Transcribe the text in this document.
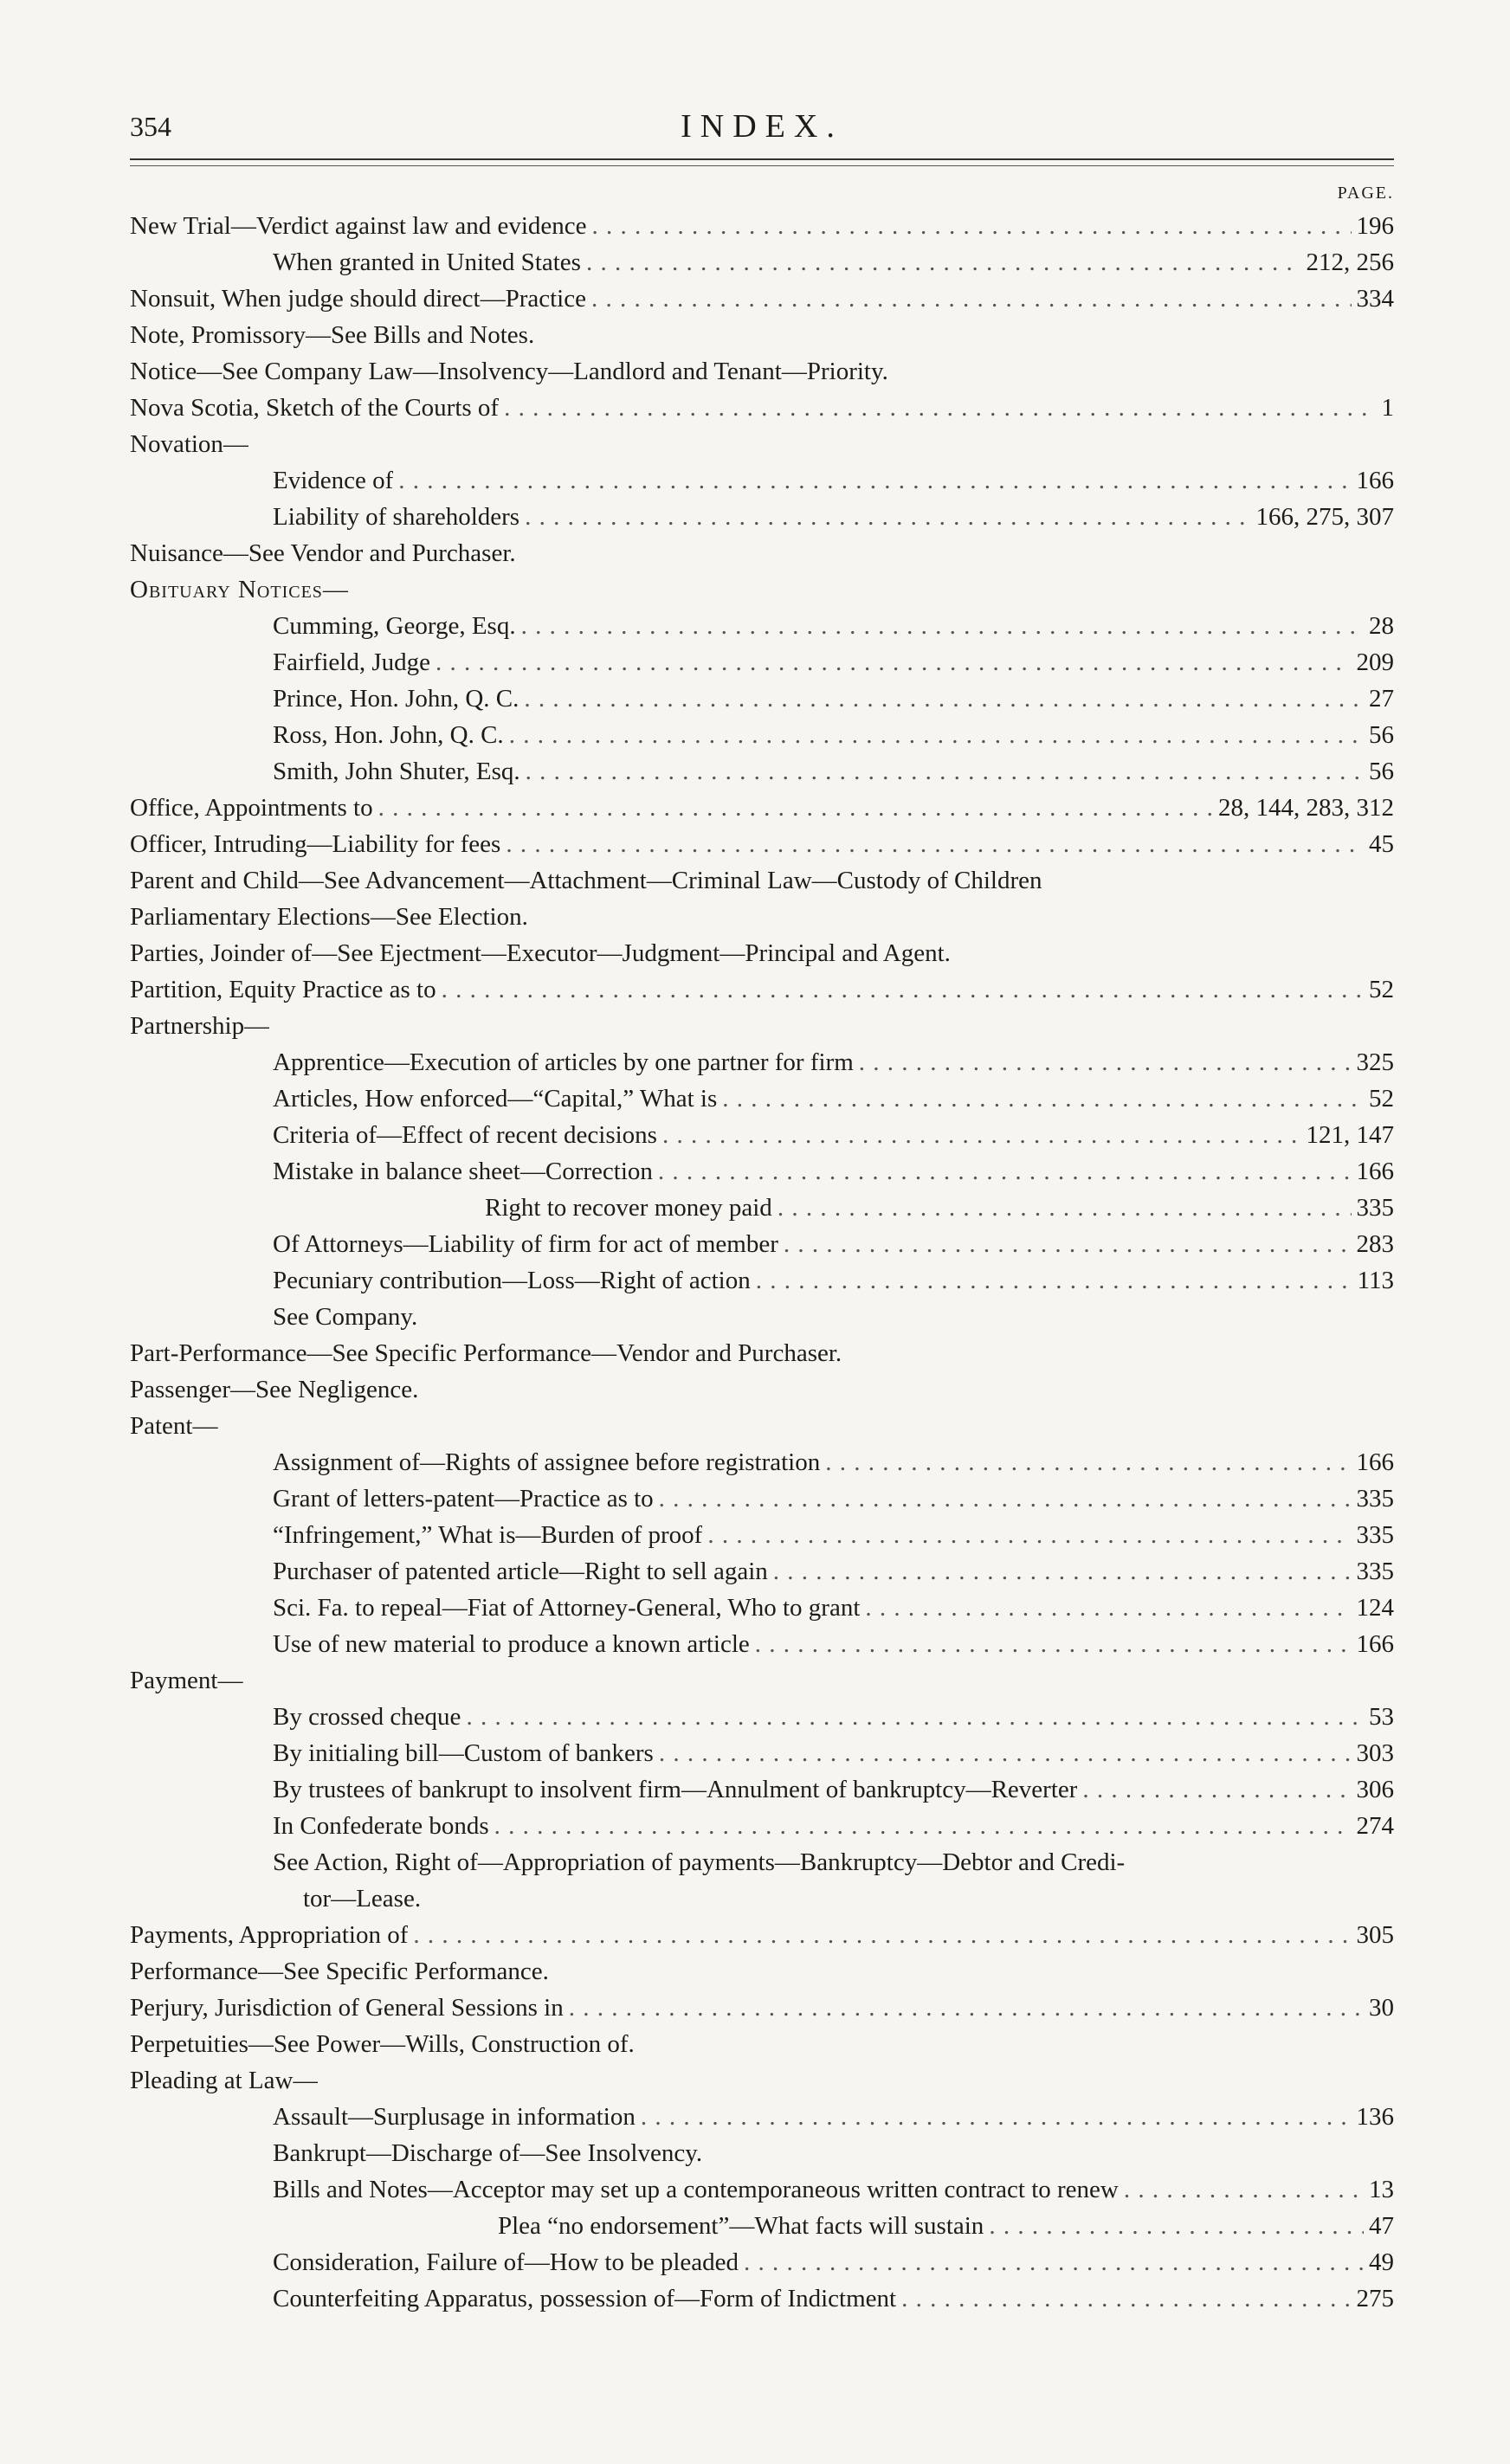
354	INDEX.
PAGE.
New Trial—Verdict against law and evidence . . .	196
When granted in United States . . .	212, 256
Nonsuit, When judge should direct—Practice . . .	334
Note, Promissory—See Bills and Notes.
Notice—See Company Law—Insolvency—Landlord and Tenant—Priority.
Nova Scotia, Sketch of the Courts of . . .	1
Novation—
Evidence of . . .	166
Liability of shareholders . . .	166, 275, 307
Nuisance—See Vendor and Purchaser.
Obituary Notices—
Cumming, George, Esq. . . .	28
Fairfield, Judge . . .	209
Prince, Hon. John, Q. C. . . .	27
Ross, Hon. John, Q. C. . . .	56
Smith, John Shuter, Esq. . . .	56
Office, Appointments to . . .	28, 144, 283, 312
Officer, Intruding—Liability for fees . . .	45
Parent and Child—See Advancement—Attachment—Criminal Law—Custody of Children
Parliamentary Elections—See Election.
Parties, Joinder of—See Ejectment—Executor—Judgment—Principal and Agent.
Partition, Equity Practice as to . . .	52
Partnership—
Apprentice—Execution of articles by one partner for firm . . .	325
Articles, How enforced—“Capital,” What is . . .	52
Criteria of—Effect of recent decisions . . .	121, 147
Mistake in balance sheet—Correction . . .	166
Right to recover money paid . . .	335
Of Attorneys—Liability of firm for act of member . . .	283
Pecuniary contribution—Loss—Right of action . . .	113
See Company.
Part-Performance—See Specific Performance—Vendor and Purchaser.
Passenger—See Negligence.
Patent—
Assignment of—Rights of assignee before registration . . .	166
Grant of letters-patent—Practice as to . . .	335
“Infringement,” What is—Burden of proof . . .	335
Purchaser of patented article—Right to sell again . . .	335
Sci. Fa. to repeal—Fiat of Attorney-General, Who to grant . . .	124
Use of new material to produce a known article . . .	166
Payment—
By crossed cheque . . .	53
By initialing bill—Custom of bankers . . .	303
By trustees of bankrupt to insolvent firm—Annulment of bankruptcy—Reverter . . .	306
In Confederate bonds . . .	274
See Action, Right of—Appropriation of payments—Bankruptcy—Debtor and Credi-
tor—Lease.
Payments, Appropriation of . . .	305
Performance—See Specific Performance.
Perjury, Jurisdiction of General Sessions in . . .	30
Perpetuities—See Power—Wills, Construction of.
Pleading at Law—
Assault—Surplusage in information . . .	136
Bankrupt—Discharge of—See Insolvency.
Bills and Notes—Acceptor may set up a contemporaneous written contract to renew . . .	13
Plea “no endorsement”—What facts will sustain . . .	47
Consideration, Failure of—How to be pleaded . . .	49
Counterfeiting Apparatus, possession of—Form of Indictment . . .	275
